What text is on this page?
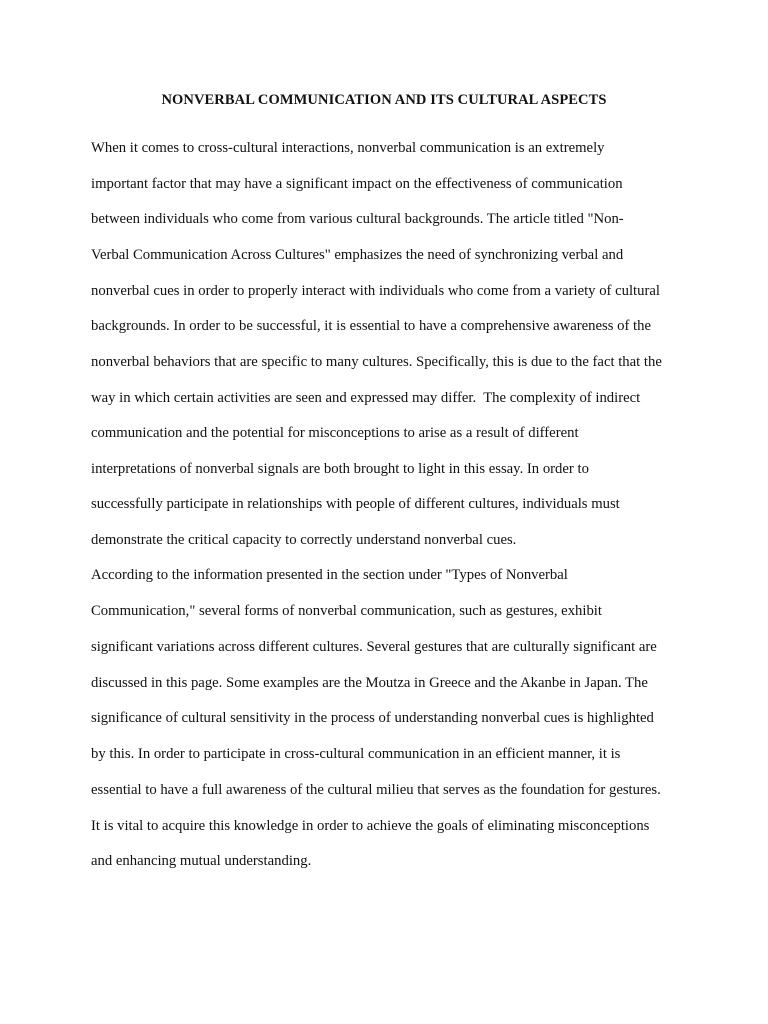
NONVERBAL COMMUNICATION AND ITS CULTURAL ASPECTS

When it comes to cross-cultural interactions, nonverbal communication is an extremely

important factor that may have a significant impact on the effectiveness of communication

between individuals who come from various cultural backgrounds. The article titled "Non-

Verbal Communication Across Cultures" emphasizes the need of synchronizing verbal and

nonverbal cues in order to properly interact with individuals who come from a variety of cultural

backgrounds. In order to be successful, it is essential to have a comprehensive awareness of the

nonverbal behaviors that are specific to many cultures. Specifically, this is due to the fact that the

way in which certain activities are seen and expressed may differ.  The complexity of indirect

communication and the potential for misconceptions to arise as a result of different

interpretations of nonverbal signals are both brought to light in this essay. In order to

successfully participate in relationships with people of different cultures, individuals must

demonstrate the critical capacity to correctly understand nonverbal cues.

According to the information presented in the section under "Types of Nonverbal

Communication," several forms of nonverbal communication, such as gestures, exhibit

significant variations across different cultures. Several gestures that are culturally significant are

discussed in this page. Some examples are the Moutza in Greece and the Akanbe in Japan. The

significance of cultural sensitivity in the process of understanding nonverbal cues is highlighted

by this. In order to participate in cross-cultural communication in an efficient manner, it is

essential to have a full awareness of the cultural milieu that serves as the foundation for gestures.

It is vital to acquire this knowledge in order to achieve the goals of eliminating misconceptions

and enhancing mutual understanding.
